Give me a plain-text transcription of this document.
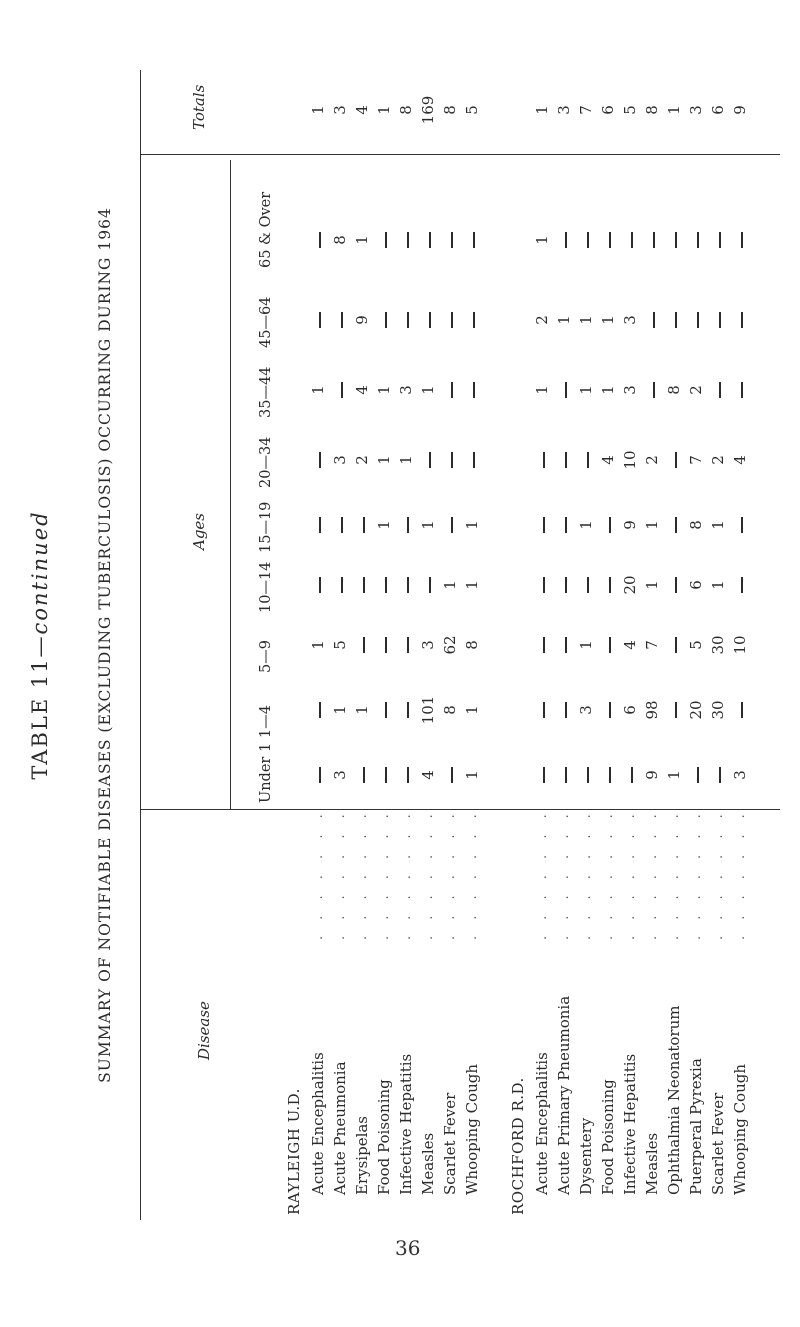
TABLE 11—continued	SUMMARY OF NOTIFIABLE DISEASES (EXCLUDING TUBERCULOSIS) OCCURRING DURING 1964	Disease
Ages
Totals
Under 1
1—4
5—9
10—14
15—19
20—34
35—44
45—64
65 & Over
RAYLEIGH U.D. Acute Encephalitis
. . . . . . .
1
1
1
Acute Pneumonia
. . . . . . .
3
1
5
3
8
3
Erysipelas
. . . . . . .
1
2
4
9
1
4
Food Poisoning
. . . . . . .
1
1
1
1
Infective Hepatitis
. . . . . . .
1
3
8
Measles
. . . . . . .
4
101
3
1
1
169
Scarlet Fever
. . . . . . .
8
62
1
8
Whooping Cough
. . . . . . .
1
1
8
1
1
5
ROCHFORD R.D. Acute Encephalitis
. . . . . . .
1
2
1
1
Acute Primary Pneumonia
. . . . . . .
1
3
Dysentery
. . . . . . .
3
1
1
1
1
7
Food Poisoning
. . . . . . .
4
1
1
6
Infective Hepatitis
. . . . . . .
6
4
20
9
10
3
3
5
Measles
. . . . . . .
9
98
7
1
1
2
8
Ophthalmia Neonatorum
. . . . . . .
1
8
1
Puerperal Pyrexia
. . . . . . .
20
5
6
8
7
2
3
Scarlet Fever
. . . . . . .
30
30
1
1
2
6
Whooping Cough
. . . . . . .
3
10
4
9
36
